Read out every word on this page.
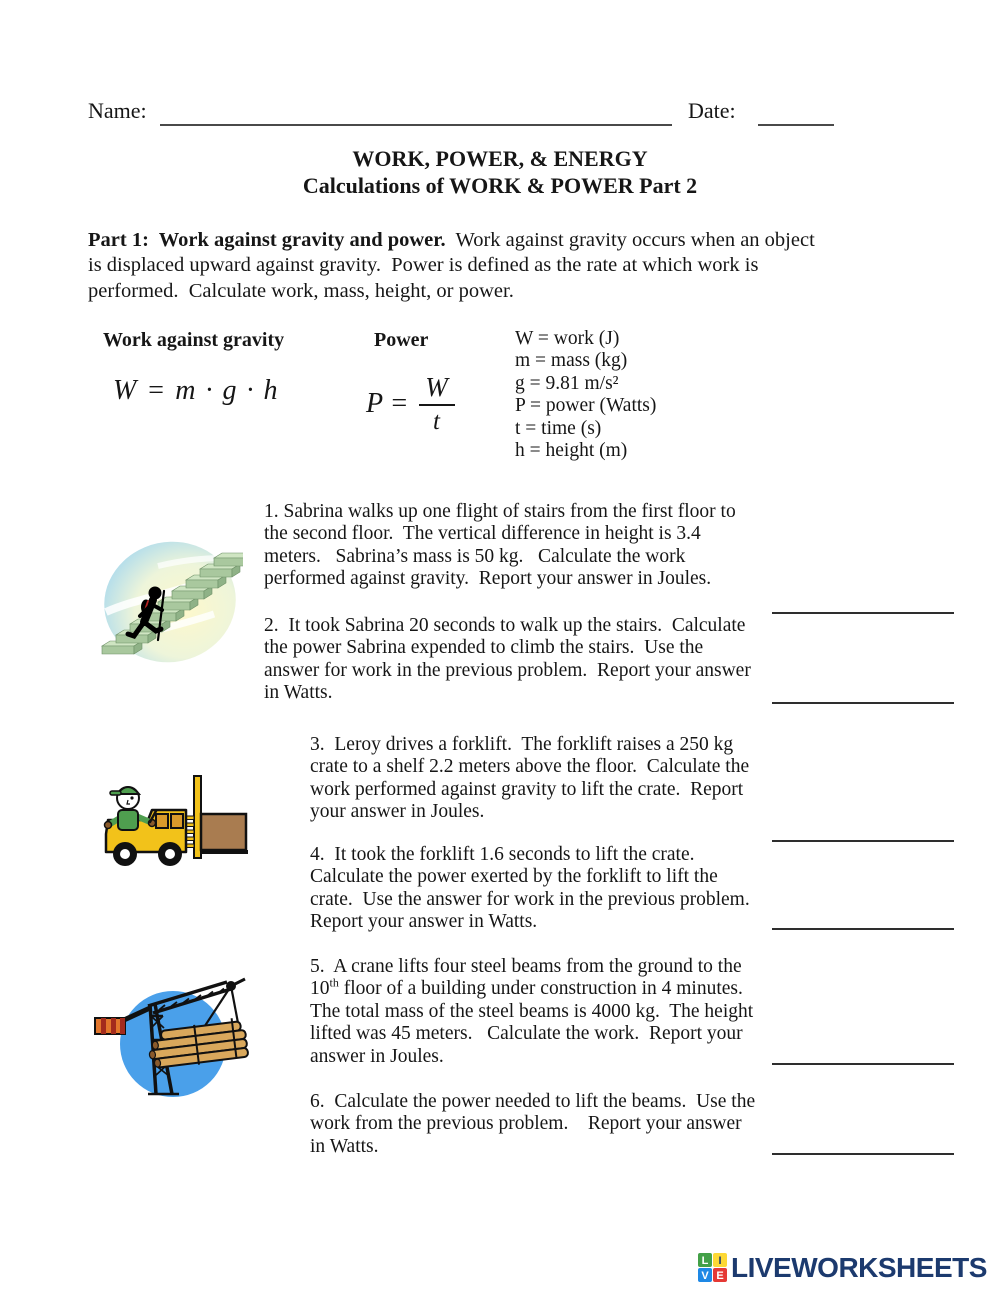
Name:	Date:
WORK, POWER, & ENERGY
Calculations of WORK & POWER Part 2
Part 1:  Work against gravity and power.  Work against gravity occurs when an object
is displaced upward against gravity.  Power is defined as the rate at which work is
performed.  Calculate work, mass, height, or power.
Work against gravity	Power
W = m · g · h	$P = \frac{W}{t}$
W = work (J)
m = mass (kg)
g = 9.81 m/s²
P = power (Watts)
t = time (s)
h = height (m)
1. Sabrina walks up one flight of stairs from the first floor to
the second floor.  The vertical difference in height is 3.4
meters.   Sabrina’s mass is 50 kg.   Calculate the work
performed against gravity.  Report your answer in Joules.
2.  It took Sabrina 20 seconds to walk up the stairs.  Calculate
the power Sabrina expended to climb the stairs.  Use the
answer for work in the previous problem.  Report your answer
in Watts.
3.  Leroy drives a forklift.  The forklift raises a 250 kg
crate to a shelf 2.2 meters above the floor.  Calculate the
work performed against gravity to lift the crate.  Report
your answer in Joules.
4.  It took the forklift 1.6 seconds to lift the crate.
Calculate the power exerted by the forklift to lift the
crate.  Use the answer for work in the previous problem.
Report your answer in Watts.
5.  A crane lifts four steel beams from the ground to the
10th floor of a building under construction in 4 minutes.
The total mass of the steel beams is 4000 kg.  The height
lifted was 45 meters.   Calculate the work.  Report your
answer in Joules.
6.  Calculate the power needed to lift the beams.  Use the
work from the previous problem.    Report your answer
in Watts.
L I
V E LIVEWORKSHEETS
